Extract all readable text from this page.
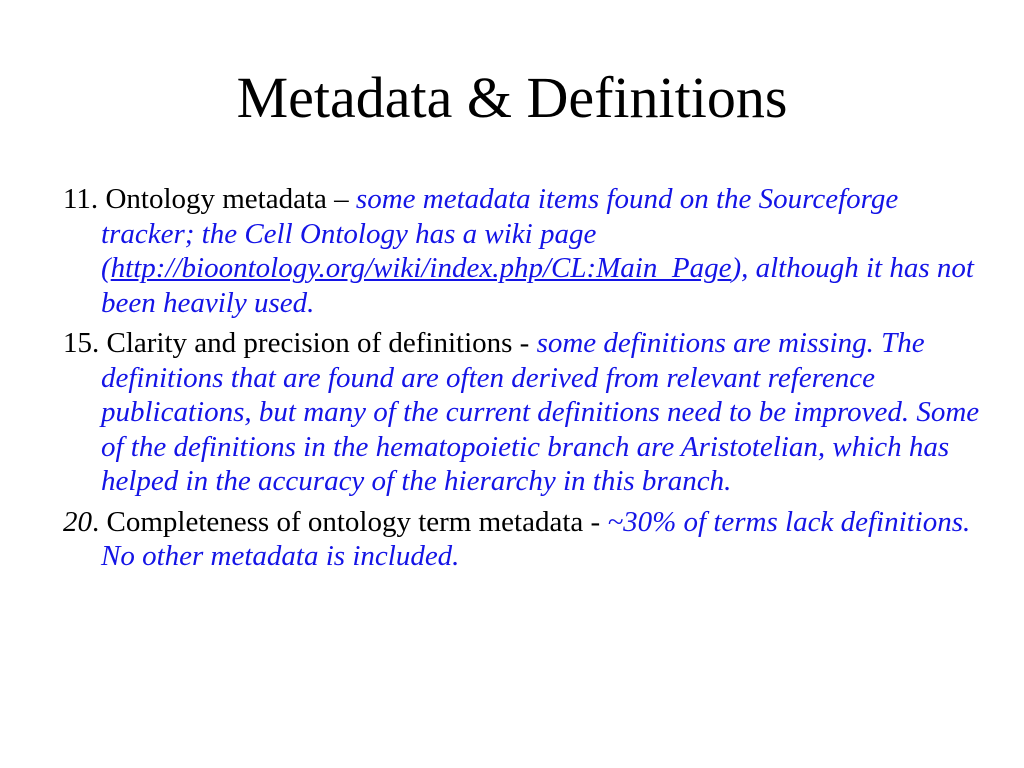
Metadata & Definitions
11. Ontology metadata – some metadata items found on the Sourceforge tracker; the Cell Ontology has a wiki page (http://bioontology.org/wiki/index.php/CL:Main_Page), although it has not been heavily used.
15. Clarity and precision of definitions - some definitions are missing. The definitions that are found are often derived from relevant reference publications, but many of the current definitions need to be improved. Some of the definitions in the hematopoietic branch are Aristotelian, which has helped in the accuracy of the hierarchy in this branch.
20. Completeness of ontology term metadata - ~30% of terms lack definitions. No other metadata is included.
